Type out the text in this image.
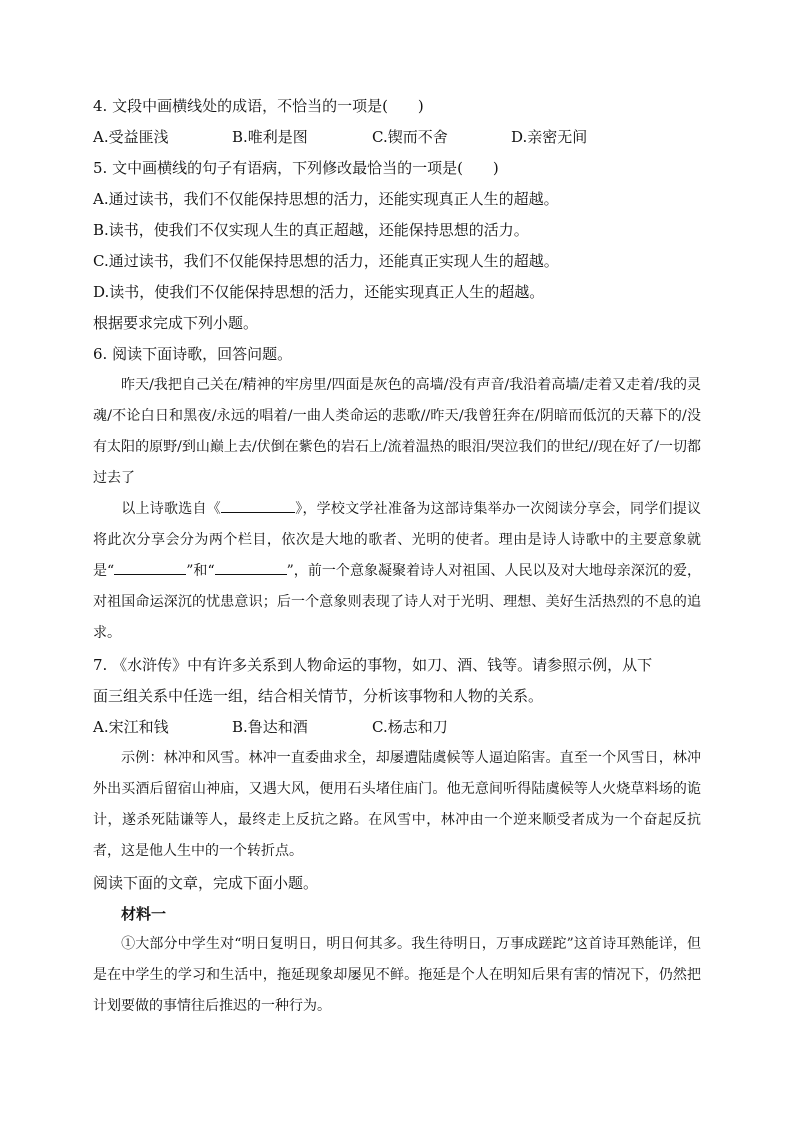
4. 文段中画横线处的成语，不恰当的一项是(　　)
A.受益匪浅	B.唯利是图	C.锲而不舍	D.亲密无间
5. 文中画横线的句子有语病，下列修改最恰当的一项是(　　)
A.通过读书，我们不仅能保持思想的活力，还能实现真正人生的超越。
B.读书，使我们不仅实现人生的真正超越，还能保持思想的活力。
C.通过读书，我们不仅能保持思想的活力，还能真正实现人生的超越。
D.读书，使我们不仅能保持思想的活力，还能实现真正人生的超越。
根据要求完成下列小题。
6. 阅读下面诗歌，回答问题。
昨天/我把自己关在/精神的牢房里/四面是灰色的高墙/没有声音/我沿着高墙/走着又走着/我的灵魂/不论白日和黑夜/永远的唱着/一曲人类命运的悲歌//昨天/我曾狂奔在/阴暗而低沉的天幕下的/没有太阳的原野/到山巅上去/伏倒在紫色的岩石上/流着温热的眼泪/哭泣我们的世纪//现在好了/一切都过去了
以上诗歌选自《	》，学校文学社准备为这部诗集举办一次阅读分享会，同学们提议将此次分享会分为两个栏目，依次是大地的歌者、光明的使者。理由是诗人诗歌中的主要意象就是“	”和“	”，前一个意象凝聚着诗人对祖国、人民以及对大地母亲深沉的爱，对祖国命运深沉的忧患意识；后一个意象则表现了诗人对于光明、理想、美好生活热烈的不息的追求。
7. 《水浒传》中有许多关系到人物命运的事物，如刀、酒、钱等。请参照示例，从下
面三组关系中任选一组，结合相关情节，分析该事物和人物的关系。
A.宋江和钱	B.鲁达和酒	C.杨志和刀
示例：林冲和风雪。林冲一直委曲求全，却屡遭陆虞候等人逼迫陷害。直至一个风雪日，林冲外出买酒后留宿山神庙，又遇大风，便用石头堵住庙门。他无意间听得陆虞候等人火烧草料场的诡计，遂杀死陆谦等人，最终走上反抗之路。在风雪中，林冲由一个逆来顺受者成为一个奋起反抗者，这是他人生中的一个转折点。
阅读下面的文章，完成下面小题。
材料一
①大部分中学生对“明日复明日，明日何其多。我生待明日，万事成蹉跎”这首诗耳熟能详，但是在中学生的学习和生活中，拖延现象却屡见不鲜。拖延是个人在明知后果有害的情况下，仍然把计划要做的事情往后推迟的一种行为。
